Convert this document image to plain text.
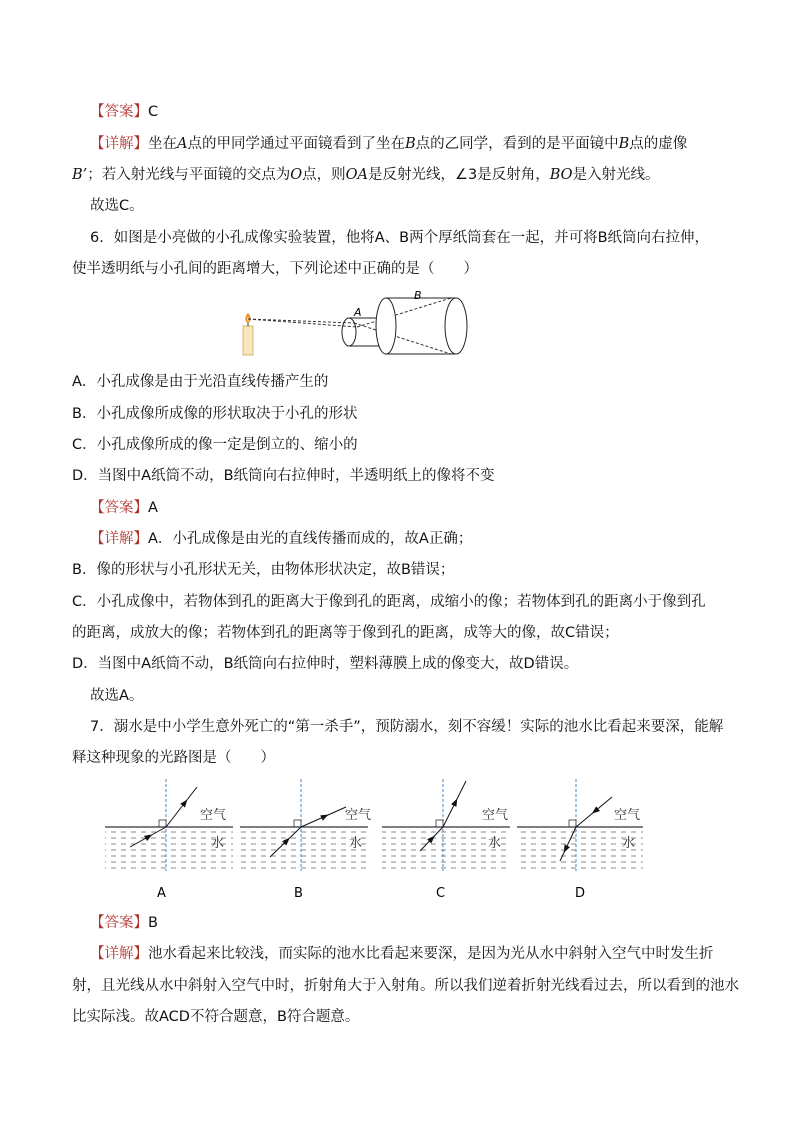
【答案】C
【详解】坐在A点的甲同学通过平面镜看到了坐在B点的乙同学，看到的是平面镜中B点的虚像
B’；若入射光线与平面镜的交点为O点，则OA是反射光线，∠3是反射角，BO是入射光线。
故选C。
6．如图是小亮做的小孔成像实验装置，他将A、B两个厚纸筒套在一起，并可将B纸筒向右拉伸，
使半透明纸与小孔间的距离增大，下列论述中正确的是（　　）
A
B
A．小孔成像是由于光沿直线传播产生的
B．小孔成像所成像的形状取决于小孔的形状
C．小孔成像所成的像一定是倒立的、缩小的
D．当图中A纸筒不动，B纸筒向右拉伸时，半透明纸上的像将不变
【答案】A
【详解】A．小孔成像是由光的直线传播而成的，故A正确；
B．像的形状与小孔形状无关，由物体形状决定，故B错误；
C．小孔成像中，若物体到孔的距离大于像到孔的距离，成缩小的像；若物体到孔的距离小于像到孔
的距离，成放大的像；若物体到孔的距离等于像到孔的距离，成等大的像，故C错误；
D．当图中A纸筒不动，B纸筒向右拉伸时，塑料薄膜上成的像变大，故D错误。
故选A。
7．溺水是中小学生意外死亡的“第一杀手”，预防溺水，刻不容缓！实际的池水比看起来要深，能解
释这种现象的光路图是（　　）
空气
水
A
空气
水
B
空气
水
C
空气
水
D
【答案】B
【详解】池水看起来比较浅，而实际的池水比看起来要深，是因为光从水中斜射入空气中时发生折
射，且光线从水中斜射入空气中时，折射角大于入射角。所以我们逆着折射光线看过去，所以看到的池水
比实际浅。故ACD不符合题意，B符合题意。
